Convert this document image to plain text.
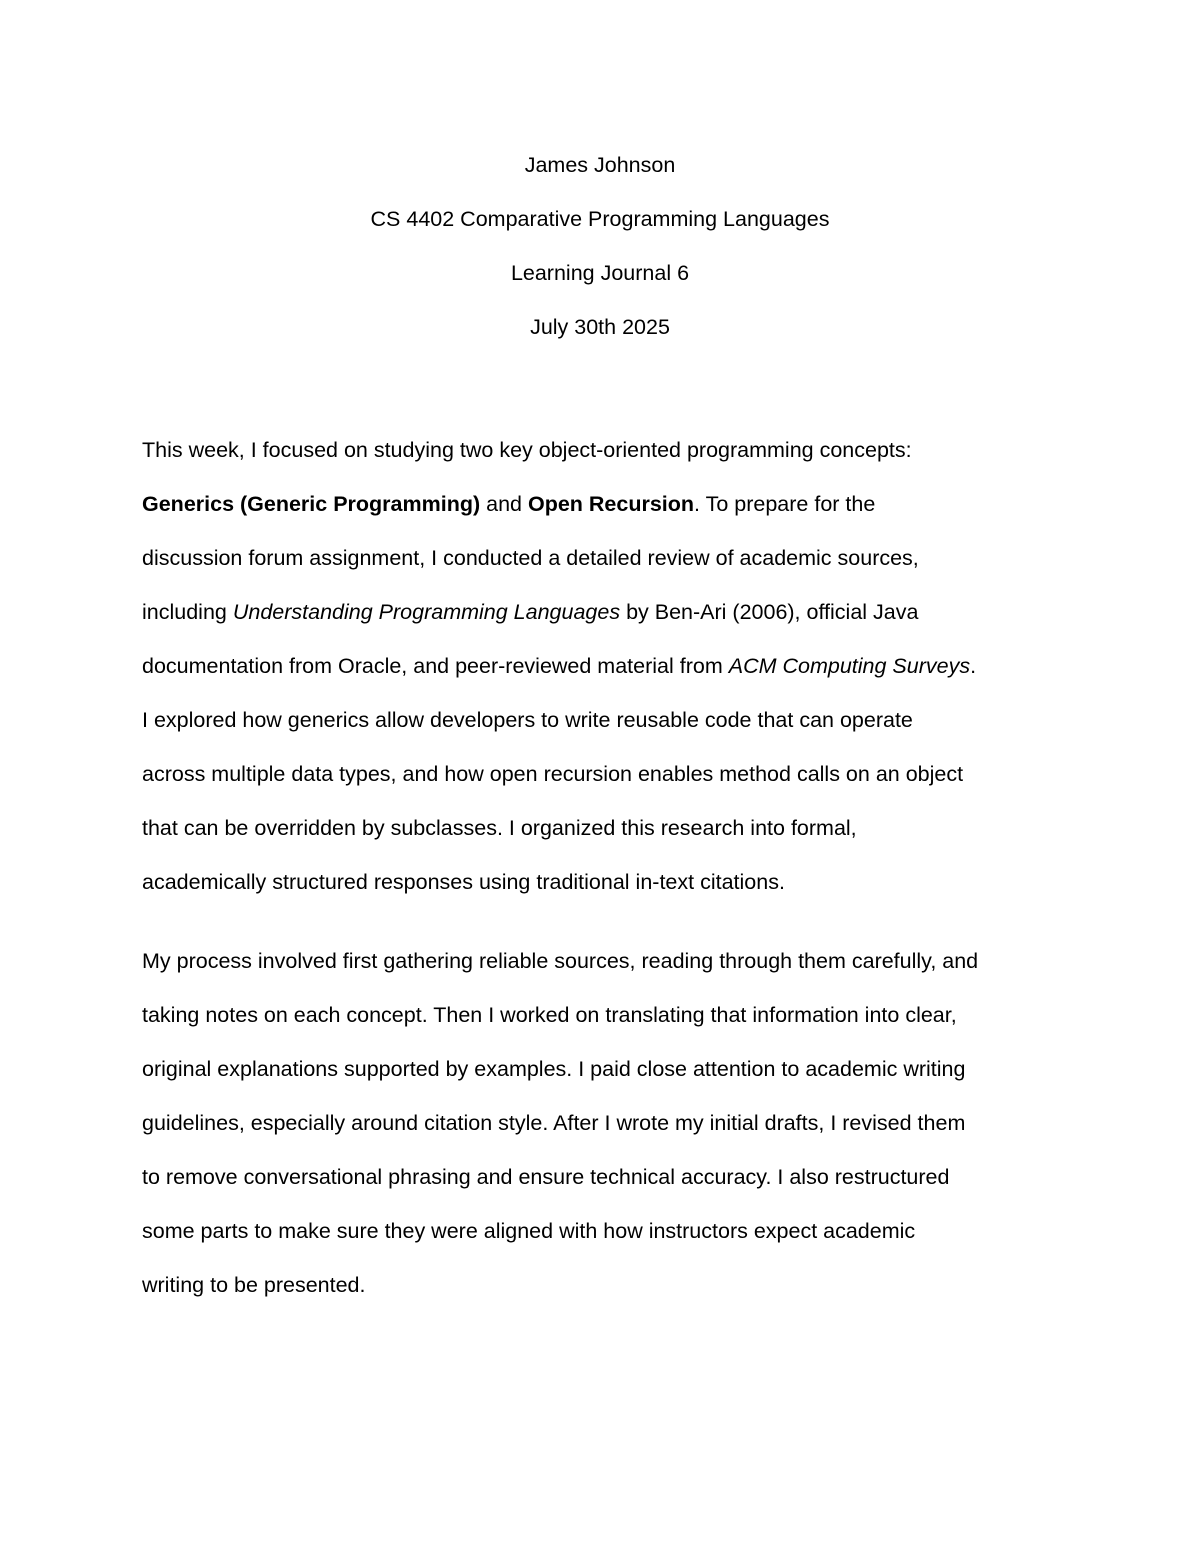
James Johnson
CS 4402 Comparative Programming Languages
Learning Journal 6
July 30th 2025

This week, I focused on studying two key object-oriented programming concepts:
Generics (Generic Programming) and Open Recursion. To prepare for the
discussion forum assignment, I conducted a detailed review of academic sources,
including Understanding Programming Languages by Ben-Ari (2006), official Java
documentation from Oracle, and peer-reviewed material from ACM Computing Surveys.
I explored how generics allow developers to write reusable code that can operate
across multiple data types, and how open recursion enables method calls on an object
that can be overridden by subclasses. I organized this research into formal,
academically structured responses using traditional in-text citations.

My process involved first gathering reliable sources, reading through them carefully, and
taking notes on each concept. Then I worked on translating that information into clear,
original explanations supported by examples. I paid close attention to academic writing
guidelines, especially around citation style. After I wrote my initial drafts, I revised them
to remove conversational phrasing and ensure technical accuracy. I also restructured
some parts to make sure they were aligned with how instructors expect academic
writing to be presented.
